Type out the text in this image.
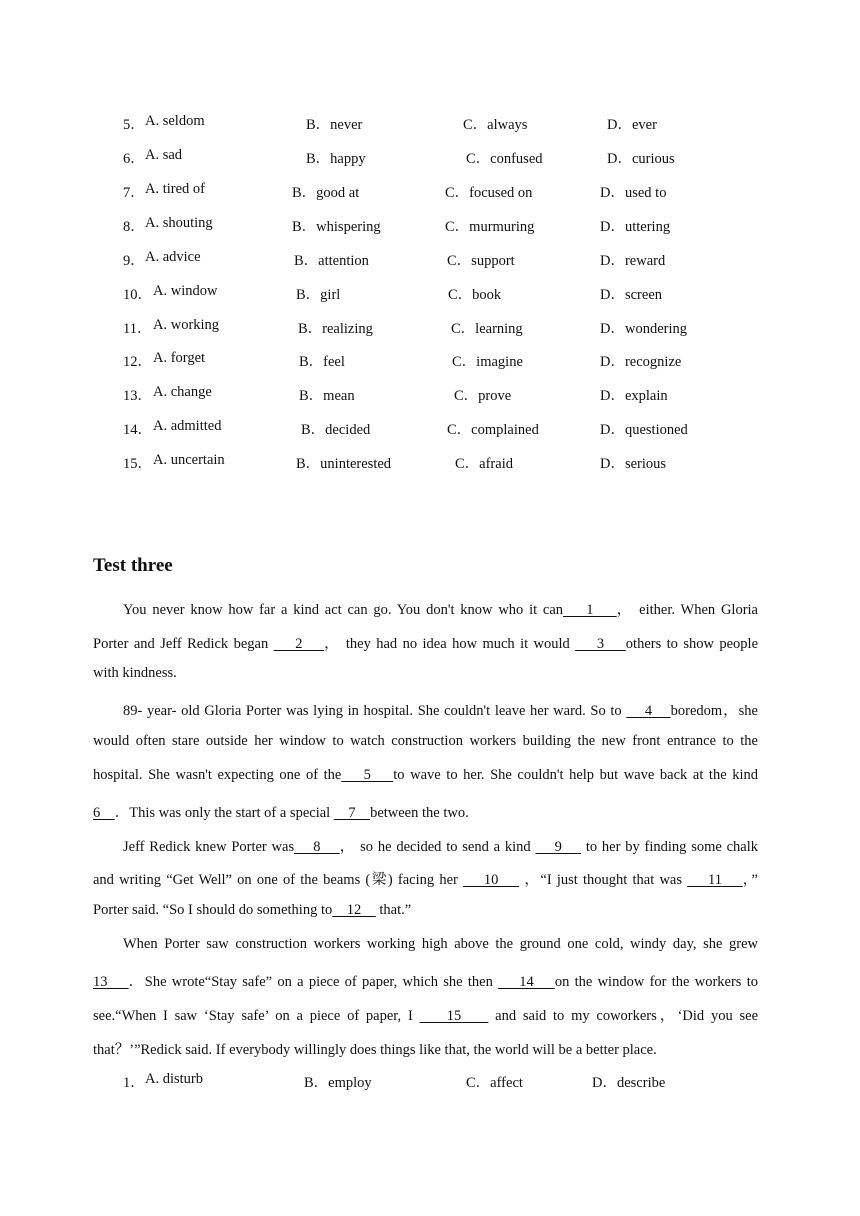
5． A. seldom	B．never	C．always	D．ever
6． A. sad	B．happy	C．confused	D．curious
7． A. tired of	B．good at	C．focused on	D．used to
8． A. shouting	B．whispering	C．murmuring	D．uttering
9． A. advice	B．attention	C．support	D．reward
10． A. window	B．girl	C．book	D．screen
11． A. working	B．realizing	C．learning	D．wondering
12． A. forget	B．feel	C．imagine	D．recognize
13． A. change	B．mean	C．prove	D．explain
14． A. admitted	B．decided	C．complained	D．questioned
15． A. uncertain	B．uninterested	C．afraid	D．serious
Test three
You never know how far a kind act can go. You don't know who it can    1    ， either. When Gloria
Porter and Jeff Redick began     2    ， they had no idea how much it would     3    others to show people
with kindness.
89- year- old Gloria Porter was lying in hospital. She couldn't leave her ward. So to     4    boredom，she
would often stare outside her window to watch construction workers building the new front entrance to the
hospital. She wasn't expecting one of the    5    to wave to her. She couldn't help but wave back at the kind
6    ．This was only the start of a special     7    between the two.
Jeff Redick knew Porter was    8    ， so he decided to send a kind     9     to her by finding some chalk
and writing “Get Well” on one of the beams (梁) facing her     10     ，“I just thought that was     11    ，”
Porter said. “So I should do something to    12     that.”
When Porter saw construction workers working high above the ground one cold, windy day, she grew
13    ．She wrote“Stay safe” on a piece of paper, which she then     14    on the window for the workers to
see.“When I saw ‘Stay safe’ on a piece of paper, I     15     and said to my coworkers，‘Did you see
that？’”Redick said. If everybody willingly does things like that, the world will be a better place.
1． A. disturb	B．employ	C．affect	D．describe
